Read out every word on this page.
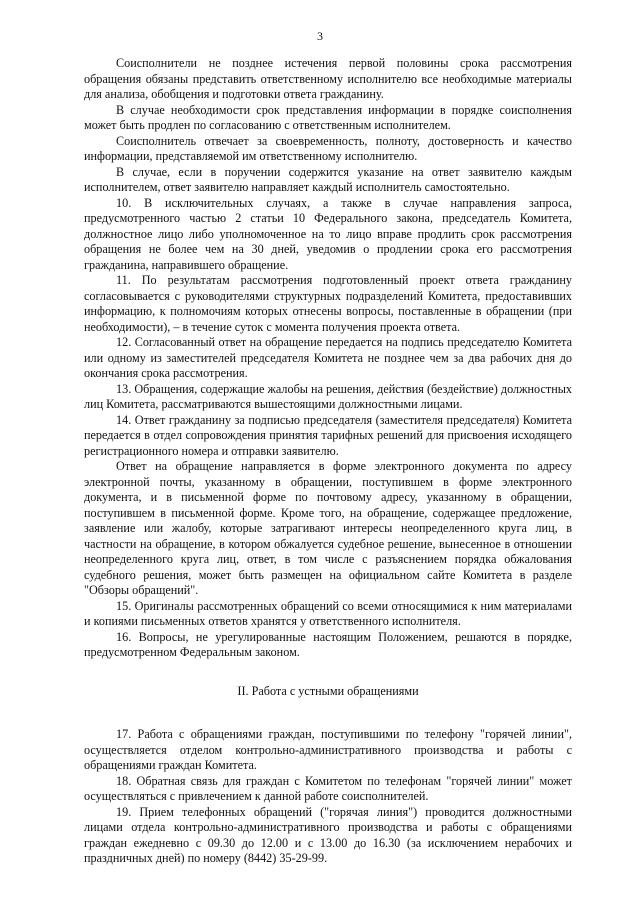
3

Соисполнители не позднее истечения первой половины срока рассмотрения обращения обязаны представить ответственному исполнителю все необходимые материалы для анализа, обобщения и подготовки ответа гражданину.

В случае необходимости срок представления информации в порядке соисполнения может быть продлен по согласованию с ответственным исполнителем.

Соисполнитель отвечает за своевременность, полноту, достоверность и качество информации, представляемой им ответственному исполнителю.

В случае, если в поручении содержится указание на ответ заявителю каждым исполнителем, ответ заявителю направляет каждый исполнитель самостоятельно.

10. В исключительных случаях, а также в случае направления запроса, предусмотренного частью 2 статьи 10 Федерального закона, председатель Комитета, должностное лицо либо уполномоченное на то лицо вправе продлить срок рассмотрения обращения не более чем на 30 дней, уведомив о продлении срока его рассмотрения гражданина, направившего обращение.

11. По результатам рассмотрения подготовленный проект ответа гражданину согласовывается с руководителями структурных подразделений Комитета, предоставивших информацию, к полномочиям которых отнесены вопросы, поставленные в обращении (при необходимости), – в течение суток с момента получения проекта ответа.

12. Согласованный ответ на обращение передается на подпись председателю Комитета или одному из заместителей председателя Комитета не позднее чем за два рабочих дня до окончания срока рассмотрения.

13. Обращения, содержащие жалобы на решения, действия (бездействие) должностных лиц Комитета, рассматриваются вышестоящими должностными лицами.

14. Ответ гражданину за подписью председателя (заместителя председателя) Комитета передается в отдел сопровождения принятия тарифных решений для присвоения исходящего регистрационного номера и отправки заявителю.

Ответ на обращение направляется в форме электронного документа по адресу электронной почты, указанному в обращении, поступившем в форме электронного документа, и в письменной форме по почтовому адресу, указанному в обращении, поступившем в письменной форме. Кроме того, на обращение, содержащее предложение, заявление или жалобу, которые затрагивают интересы неопределенного круга лиц, в частности на обращение, в котором обжалуется судебное решение, вынесенное в отношении неопределенного круга лиц, ответ, в том числе с разъяснением порядка обжалования судебного решения, может быть размещен на официальном сайте Комитета в разделе "Обзоры обращений".

15. Оригиналы рассмотренных обращений со всеми относящимися к ним материалами и копиями письменных ответов хранятся у ответственного исполнителя.

16. Вопросы, не урегулированные настоящим Положением, решаются в порядке, предусмотренном Федеральным законом.

II. Работа с устными обращениями

17. Работа с обращениями граждан, поступившими по телефону "горячей линии", осуществляется отделом контрольно-административного производства и работы с обращениями граждан Комитета.

18. Обратная связь для граждан с Комитетом по телефонам "горячей линии" может осуществляться с привлечением к данной работе соисполнителей.

19. Прием телефонных обращений ("горячая линия") проводится должностными лицами отдела контрольно-административного производства и работы с обращениями граждан ежедневно с 09.30 до 12.00 и с 13.00 до 16.30 (за исключением нерабочих и праздничных дней) по номеру (8442) 35-29-99.
